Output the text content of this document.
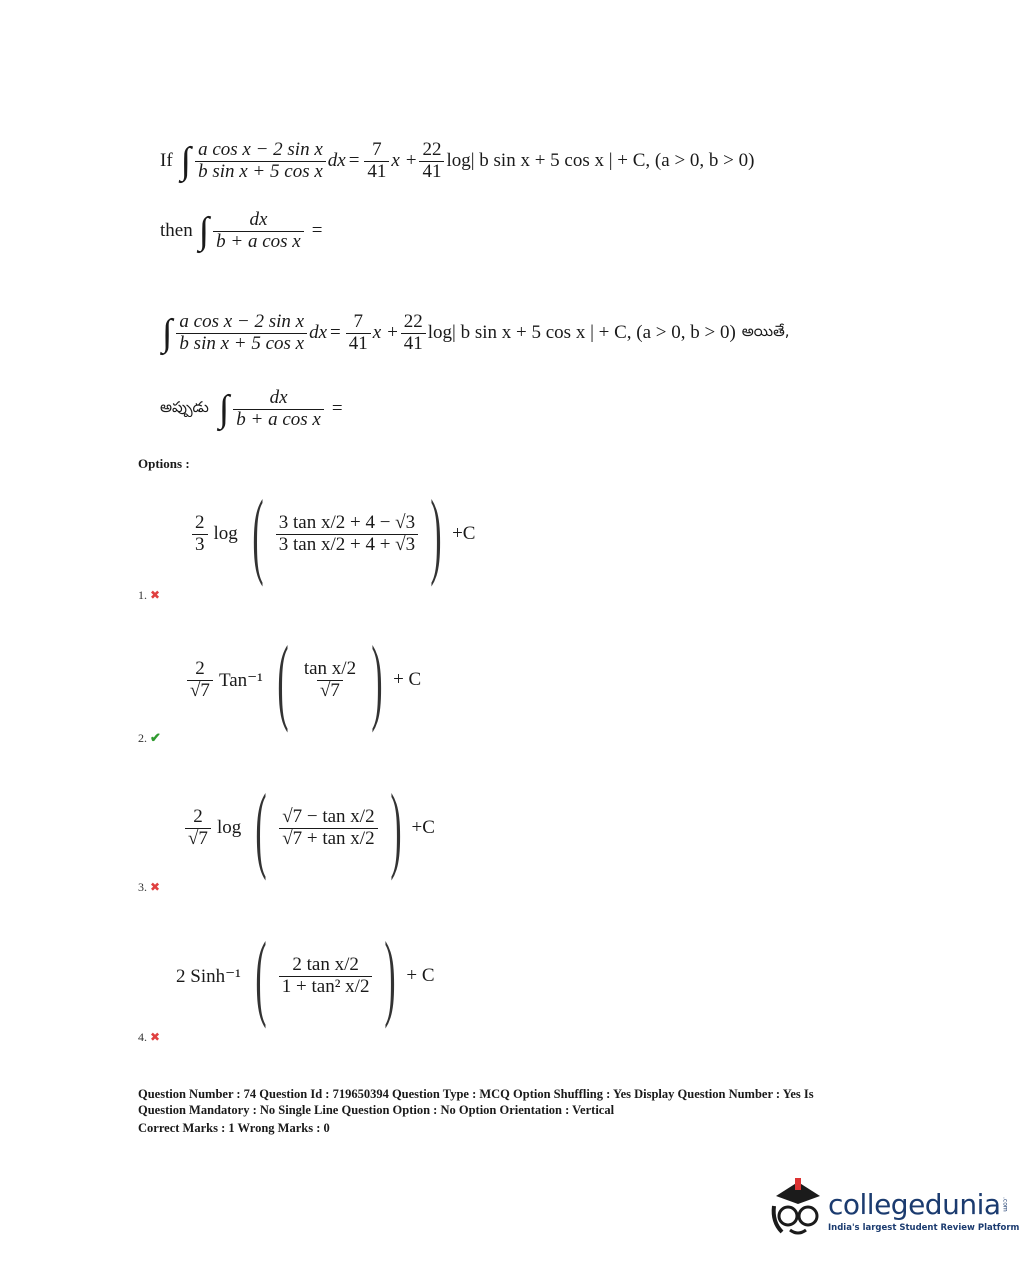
If ∫ $\frac{\text{a cos x − 2 sin x}}{\text{b sin x + 5 cos x}}$ dx = $\frac{7}{41}$ $x + \frac{22}{41} \log|$ b sin x + 5 cos x | + C, (a > 0, b > 0)
then ∫ $\frac{dx}{\text{b + a cos x}}$ =
∫ $\frac{\text{a cos x − 2 sin x}}{\text{b sin x + 5 cos x}}$ dx = $\frac{7}{41}$ $x + \frac{22}{41} \log|$ b sin x + 5 cos x | + C, (a > 0, b > 0) అయితే,
అప్పుడు ∫ $\frac{dx}{\text{b + a cos x}}$ =
Options :
$\frac{2}{3}$ log ( $\frac{\text{3 tan x/2 + 4 − √3}}{\text{3 tan x/2 + 4 + √3}}$ ) +C
1. ✖
$\frac{2}{√7} Tan^{-1}$ ( $\frac{\text{tan x/2}}{√7}$ ) + C
2. ✔
$\frac{2}{√7}$ log ( $\frac{\text{√7 − tan x/2}}{\text{√7 + tan x/2}}$ ) +C
3. ✖
2 Sinh⁻¹ ( $\frac{\text{2 tan x/2}}{\text{1 + tan² x/2}}$ ) + C
4. ✖
Question Number : 74 Question Id : 719650394 Question Type : MCQ Option Shuffling : Yes Display Question Number : Yes Is
Question Mandatory : No Single Line Question Option : No Option Orientation : Vertical
Correct Marks : 1 Wrong Marks : 0
collegedunia .com
India's largest Student Review Platform
